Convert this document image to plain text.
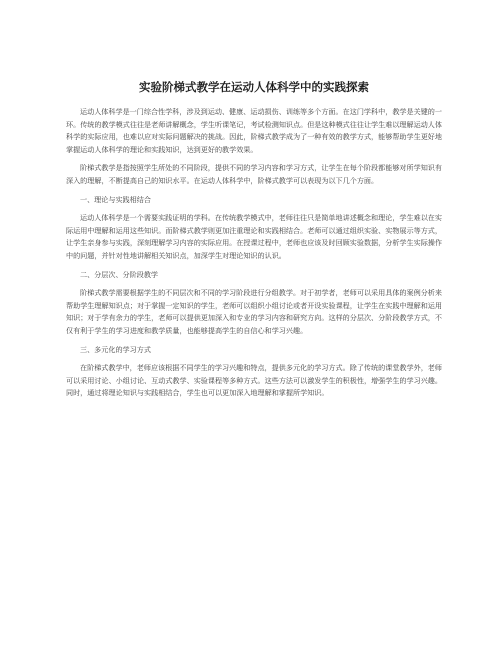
实验阶梯式教学在运动人体科学中的实践探索

运动人体科学是一门综合性学科，涉及到运动、健康、运动损伤、训练等多个方面。在这门学科中，教学是关键的一环。传统的教学模式往往是老师讲解概念，学生听课笔记，考试检测知识点。但是这种模式往往让学生难以理解运动人体科学的实际应用，也难以应对实际问题解决的挑战。因此，阶梯式教学成为了一种有效的教学方式，能够帮助学生更好地掌握运动人体科学的理论和实践知识，达到更好的教学效果。

阶梯式教学是指按照学生所处的不同阶段，提供不同的学习内容和学习方式，让学生在每个阶段都能够对所学知识有深入的理解，不断提高自己的知识水平。在运动人体科学中，阶梯式教学可以表现为以下几个方面。

一、理论与实践相结合

运动人体科学是一个需要实践证明的学科。在传统教学模式中，老师往往只是简单地讲述概念和理论，学生难以在实际运用中理解和运用这些知识。而阶梯式教学则更加注重理论和实践相结合。老师可以通过组织实验、实物展示等方式，让学生亲身参与实践，深刻理解学习内容的实际应用。在授课过程中，老师也应该及时回顾实验数据，分析学生实际操作中的问题，并针对性地讲解相关知识点，加深学生对理论知识的认识。

二、分层次、分阶段教学

阶梯式教学需要根据学生的不同层次和不同的学习阶段进行分组教学。对于初学者，老师可以采用具体的案例分析来帮助学生理解知识点；对于掌握一定知识的学生，老师可以组织小组讨论或者开设实验课程，让学生在实践中理解和运用知识；对于学有余力的学生，老师可以提供更加深入和专业的学习内容和研究方向。这样的分层次、分阶段教学方式，不仅有利于学生的学习进度和教学质量，也能够提高学生的自信心和学习兴趣。

三、多元化的学习方式

在阶梯式教学中，老师应该根据不同学生的学习兴趣和特点，提供多元化的学习方式。除了传统的课堂教学外，老师可以采用讨论、小组讨论、互动式教学、实验课程等多种方式。这些方法可以激发学生的积极性，增强学生的学习兴趣。同时，通过将理论知识与实践相结合，学生也可以更加深入地理解和掌握所学知识。
